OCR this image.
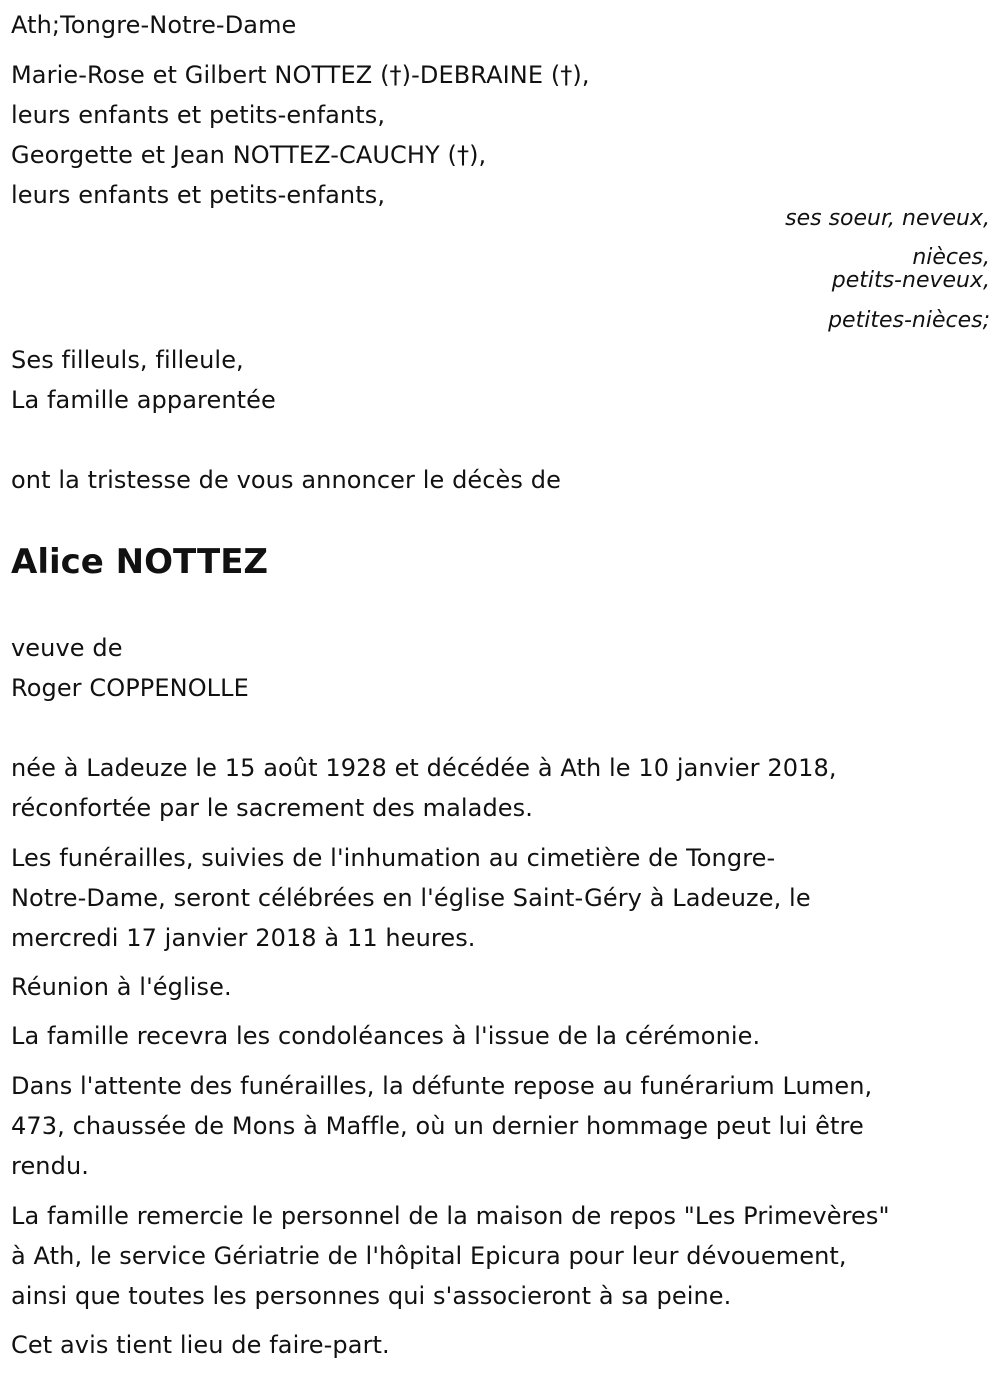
Ath;Tongre-Notre-Dame
Marie-Rose et Gilbert NOTTEZ (†)-DEBRAINE (†),
leurs enfants et petits-enfants,
Georgette et Jean NOTTEZ-CAUCHY (†),
leurs enfants et petits-enfants,
ses soeur, neveux,
nièces,
petits-neveux,
petites-nièces;
Ses filleuls, filleule,
La famille apparentée
ont la tristesse de vous annoncer le décès de
Alice NOTTEZ
veuve de
Roger COPPENOLLE
née à Ladeuze le 15 août 1928 et décédée à Ath le 10 janvier 2018,
réconfortée par le sacrement des malades.
Les funérailles, suivies de l'inhumation au cimetière de Tongre-
Notre-Dame, seront célébrées en l'église Saint-Géry à Ladeuze, le
mercredi 17 janvier 2018 à 11 heures.
Réunion à l'église.
La famille recevra les condoléances à l'issue de la cérémonie.
Dans l'attente des funérailles, la défunte repose au funérarium Lumen,
473, chaussée de Mons à Maffle, où un dernier hommage peut lui être
rendu.
La famille remercie le personnel de la maison de repos "Les Primevères"
à Ath, le service Gériatrie de l'hôpital Epicura pour leur dévouement,
ainsi que toutes les personnes qui s'associeront à sa peine.
Cet avis tient lieu de faire-part.
